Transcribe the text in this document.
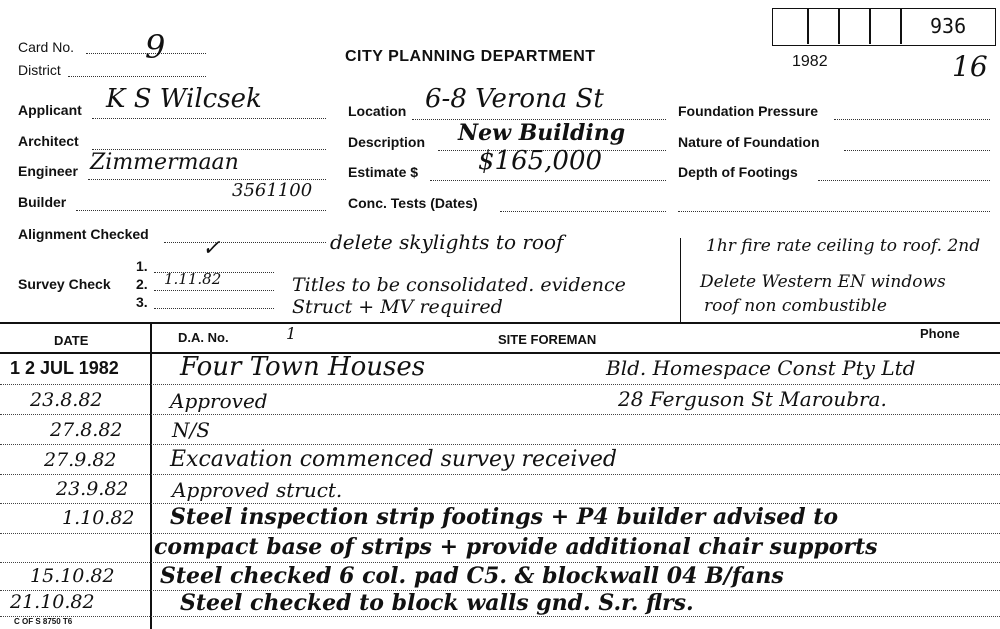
936
Card No. 9
District
CITY PLANNING DEPARTMENT	1982	16
Applicant K S Wilcsek
Architect
Engineer Zimmermaan
Builder
3561100
Alignment Checked
Survey Check
1.
2.
3.
✓
1.11.82
Location 6-8 Verona St
Description New Building
Estimate $ $165,000
Conc. Tests (Dates)
Foundation Pressure
Nature of Foundation
Depth of Footings
delete skylights to roof
Titles to be consolidated. evidence
Struct + MV required
1hr fire rate ceiling to roof. 2nd
Delete Western EN windows
roof non combustible
DATE	D.A. No.	1	SITE FOREMAN	Phone
1 2 JUL 1982 Four Town Houses	Bld. Homespace Const Pty Ltd
23.8.82	Approved	28 Ferguson St Maroubra.
27.8.82 N/S
27.9.82 Excavation commenced survey received
23.9.82 Approved struct.
1.10.82 Steel inspection strip footings + P4 builder advised to
compact base of strips + provide additional chair supports
15.10.82 Steel checked 6 col. pad C5. & blockwall 04 B/fans
21.10.82	Steel checked to block walls gnd. S.r. flrs.
C OF S 8750 T6
